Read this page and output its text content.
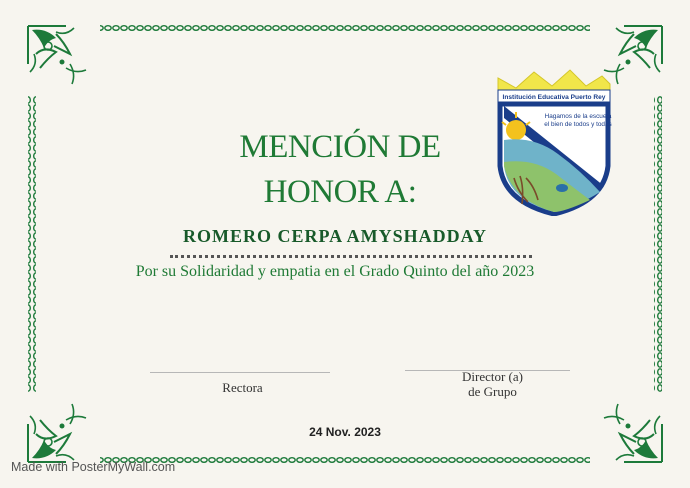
Institución Educativa Puerto Rey
Hagamos de la escuela
el bien de todos y todas
MENCIÓN DE
HONOR A:
ROMERO CERPA AMYSHADDAY
Por su Solidaridad y empatia en el Grado Quinto del año 2023
Rectora
Director (a)
de Grupo
24 Nov. 2023
Made with PosterMyWall.com
